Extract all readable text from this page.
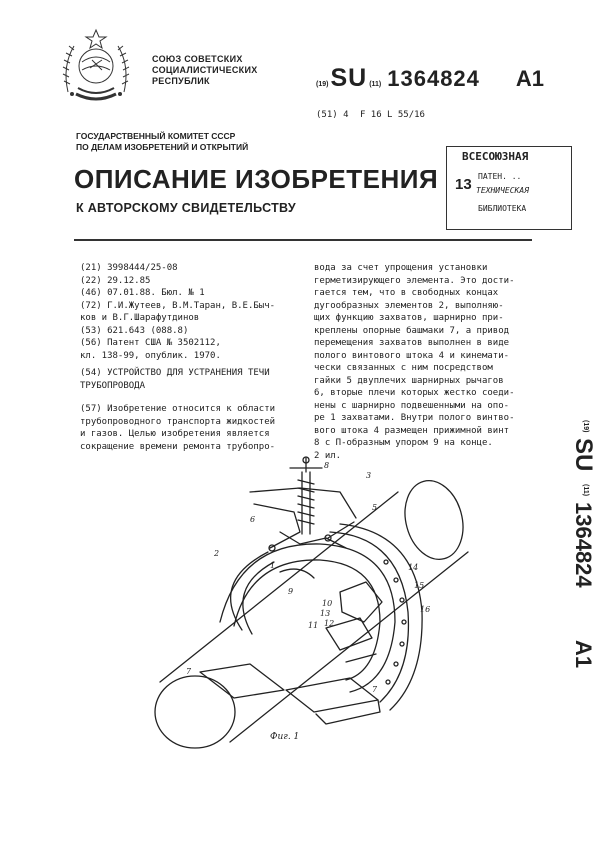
СОЮЗ СОВЕТСКИХ
СОЦИАЛИСТИЧЕСКИХ
РЕСПУБЛИК	(19) SU (11) 1364824 A1
(51) 4 F 16 L 55/16
ГОСУДАРСТВЕННЫЙ КОМИТЕТ СССР
ПО ДЕЛАМ ИЗОБРЕТЕНИЙ И ОТКРЫТИЙ
13
ВСЕСОЮЗНАЯ
ПАТЕН. ..
ТЕХНИЧЕСКАЯ
БИБЛИОТЕКА
ОПИСАНИЕ ИЗОБРЕТЕНИЯ
К АВТОРСКОМУ СВИДЕТЕЛЬСТВУ
(21) 3998444/25-08
(22) 29.12.85
(46) 07.01.88. Бюл. № 1
(72) Г.И.Жутеев, В.М.Таран, В.Е.Быч-
ков и В.Г.Шарафутдинов
(53) 621.643 (088.8)
(56) Патент США № 3502112,
кл. 138-99, опублик. 1970.
(54) УСТРОЙСТВО ДЛЯ УСТРАНЕНИЯ ТЕЧИ
ТРУБОПРОВОДА
(57) Изобретение относится к области
трубопроводного транспорта жидкостей
и газов. Целью изобретения является
сокращение времени ремонта трубопро-
вода за счет упрощения установки
герметизирующего элемента. Это дости-
гается тем, что в свободных концах
дугообразных элементов 2, выполняю-
щих функцию захватов, шарнирно при-
креплены опорные башмаки 7, а привод
перемещения захватов выполнен в виде
полого винтового штока 4 и кинемати-
чески связанных с ним посредством
гайки 5 двуплечих шарнирных рычагов
6, вторые плечи которых жестко соеди-
нены с шарнирно подвешенными на опо-
ре 1 захватами. Внутри полого винтво-
вого штока 4 размещен прижимной винт
8 с П-образным упором 9 на конце.
2 ил.
(19)
SU
(11)
1364824
A1
8
6
3
5
2
1
9
14
15
10
13
12
11
16
7
7
Фиг. 1
